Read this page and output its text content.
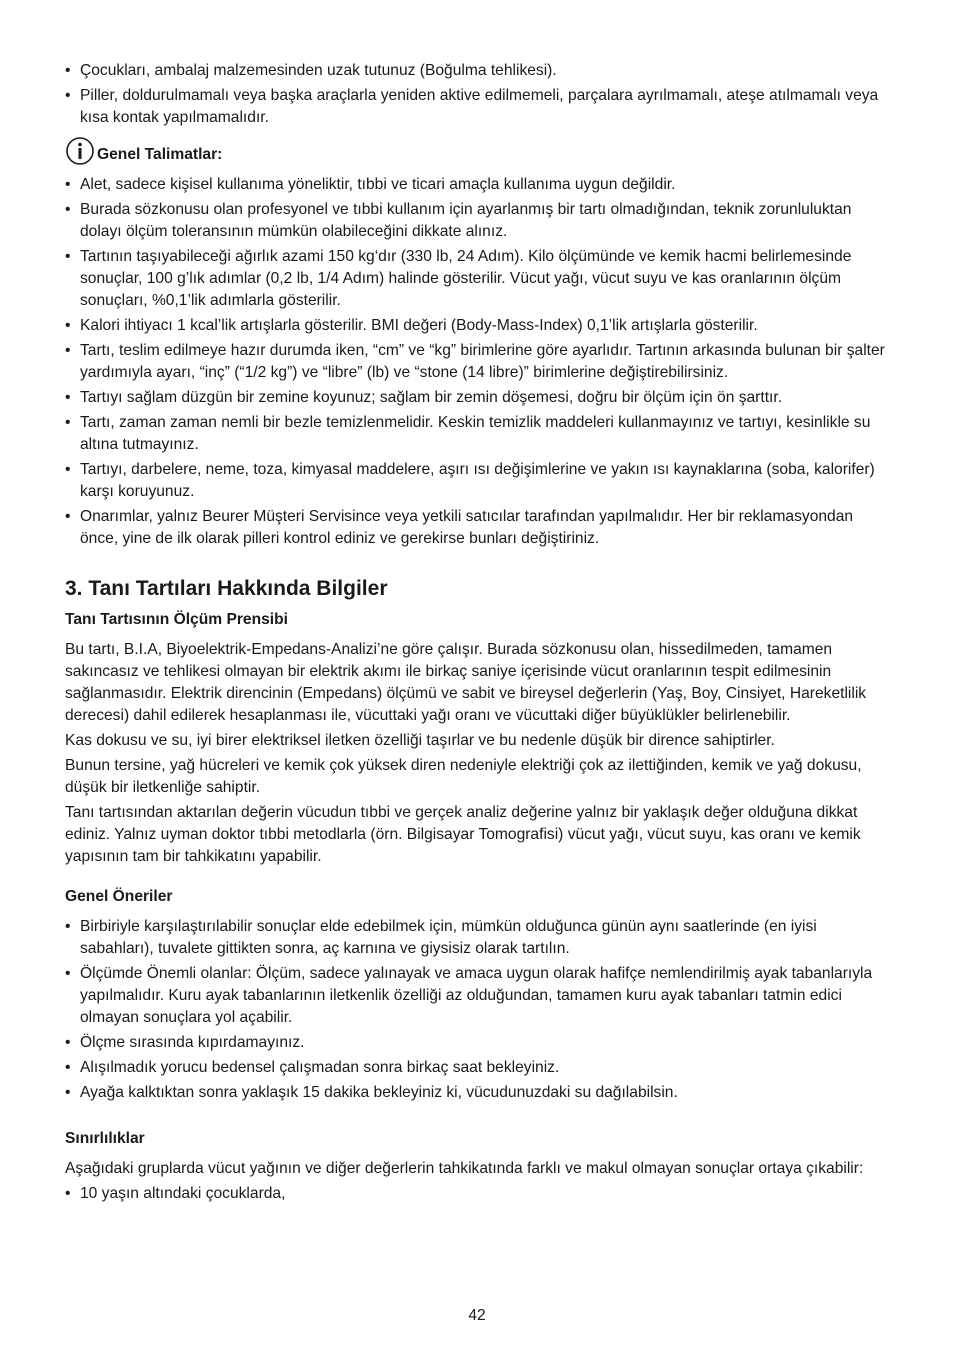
• Çocukları, ambalaj malzemesinden uzak tutunuz (Boğulma tehlikesi).
• Piller, doldurulmamalı veya başka araçlarla yeniden aktive edilmemeli, parçalara ayrılmamalı, ateşe atılmamalı veya kısa kontak yapılmamalıdır.
Genel Talimatlar:
• Alet, sadece kişisel kullanıma yöneliktir, tıbbi ve ticari amaçla kullanıma uygun değildir.
• Burada sözkonusu olan profesyonel ve tıbbi kullanım için ayarlanmış bir tartı olmadığından, teknik zorunluluktan dolayı ölçüm toleransının mümkün olabileceğini dikkate alınız.
• Tartının taşıyabileceği ağırlık azami 150 kg‘dır (330 lb, 24 Adım). Kilo ölçümünde ve kemik hacmi belirlemesinde sonuçlar, 100 g’lık adımlar (0,2 lb, 1/4 Adım) halinde gösterilir. Vücut yağı, vücut suyu ve kas oranlarının ölçüm sonuçları, %0,1’lik adımlarla gösterilir.
• Kalori ihtiyacı 1 kcal’lik artışlarla gösterilir. BMI değeri (Body-Mass-Index) 0,1’lik artışlarla gösterilir.
• Tartı, teslim edilmeye hazır durumda iken, “cm” ve “kg” birimlerine göre ayarlıdır. Tartının arkasında bulunan bir şalter yardımıyla ayarı, “inç” (“1/2 kg”) ve “libre” (lb) ve “stone (14 libre)” birimlerine değiştirebilirsiniz.
• Tartıyı sağlam düzgün bir zemine koyunuz; sağlam bir zemin döşemesi, doğru bir ölçüm için ön şarttır.
• Tartı, zaman zaman nemli bir bezle temizlenmelidir. Keskin temizlik maddeleri kullanmayınız ve tartıyı, kesinlikle su altına tutmayınız.
• Tartıyı, darbelere, neme, toza, kimyasal maddelere, aşırı ısı değişimlerine ve yakın ısı kaynaklarına (soba, kalorifer) karşı koruyunuz.
• Onarımlar, yalnız Beurer Müşteri Servisince veya yetkili satıcılar tarafından yapılmalıdır. Her bir reklamasyondan önce, yine de ilk olarak pilleri kontrol ediniz ve gerekirse bunları değiştiriniz.
3. Tanı Tartıları Hakkında Bilgiler
Tanı Tartısının Ölçüm Prensibi

Bu tartı, B.I.A, Biyoelektrik-Empedans-Analizi’ne göre çalışır. Burada sözkonusu olan, hissedilmeden, tamamen sakıncasız ve tehlikesi olmayan bir elektrik akımı ile birkaç saniye içerisinde vücut oranlarının tespit edilmesinin sağlanmasıdır. Elektrik direncinin (Empedans) ölçümü ve sabit ve bireysel değerlerin (Yaş, Boy, Cinsiyet, Hareketlilik derecesi) dahil edilerek hesaplanması ile, vücuttaki yağı oranı ve vücuttaki diğer büyüklükler belirlenebilir.

Kas dokusu ve su, iyi birer elektriksel iletken özelliği taşırlar ve bu nedenle düşük bir dirence sahiptirler.

Bunun tersine, yağ hücreleri ve kemik çok yüksek diren nedeniyle elektriği çok az ilettiğinden, kemik ve yağ dokusu, düşük bir iletkenliğe sahiptir.

Tanı tartısından aktarılan değerin vücudun tıbbi ve gerçek analiz değerine yalnız bir yaklaşık değer olduğuna dikkat ediniz. Yalnız uyman doktor tıbbi metodlarla (örn. Bilgisayar Tomografisi) vücut yağı, vücut suyu, kas oranı ve kemik yapısının tam bir tahkikatını yapabilir.

Genel Öneriler
• Birbiriyle karşılaştırılabilir sonuçlar elde edebilmek için, mümkün olduğunca günün aynı saatlerinde (en iyisi sabahları), tuvalete gittikten sonra, aç karnına ve giysisiz olarak tartılın.
• Ölçümde Önemli olanlar: Ölçüm, sadece yalınayak ve amaca uygun olarak hafifçe nemlendirilmiş ayak tabanlarıyla yapılmalıdır. Kuru ayak tabanlarının iletkenlik özelliği az olduğundan, tamamen kuru ayak tabanları tatmin edici olmayan sonuçlara yol açabilir.
• Ölçme sırasında kıpırdamayınız.
• Alışılmadık yorucu bedensel çalışmadan sonra birkaç saat bekleyiniz.
• Ayağa kalktıktan sonra yaklaşık 15 dakika bekleyiniz ki, vücudunuzdaki su dağılabilsin.
Sınırlılıklar

Aşağıdaki gruplarda vücut yağının ve diğer değerlerin tahkikatında farklı ve makul olmayan sonuçlar ortaya çıkabilir:

• 10 yaşın altındaki çocuklarda,
42
